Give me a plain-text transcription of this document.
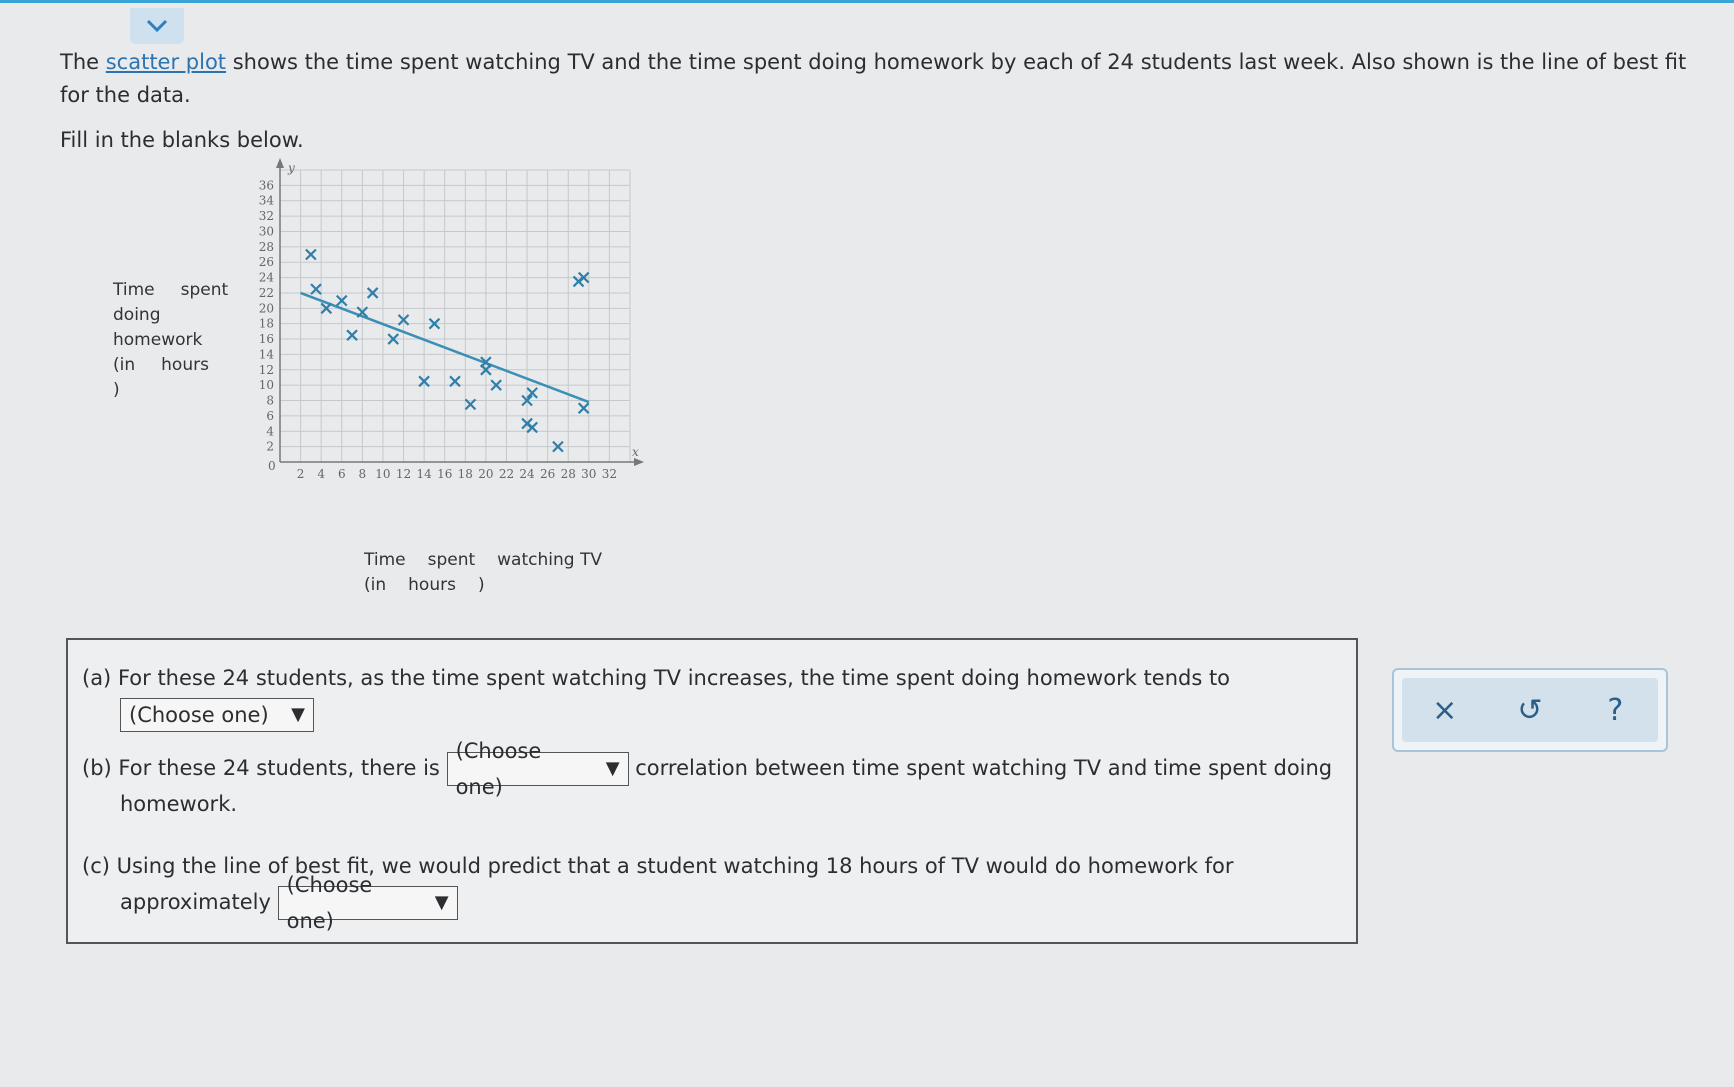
The scatter plot shows the time spent watching TV and the time spent doing homework by each of 24 students last week. Also shown is the line of best fit for the data.
Fill in the blanks below.
Time spent
doing homework
(in hours)
2 4 6 8 10 12 14 16 18 20 22 24 26 28 30 32
2
4
6
8
10
12
14
16
18
20
22
24
26
28
30
32
34
36
0
x
y
Time spent watching TV
(in hours )
(a) For these 24 students, as the time spent watching TV increases, the time spent doing homework tends to

(Choose one) ▼
(b) For these 24 students, there is
(Choose one)
▼ correlation between time spent watching TV and time spent doing
homework.
(c) Using the line of best fit, we would predict that a student watching 18 hours of TV would do homework for
approximately
(Choose one)
▼
× ↺	?
